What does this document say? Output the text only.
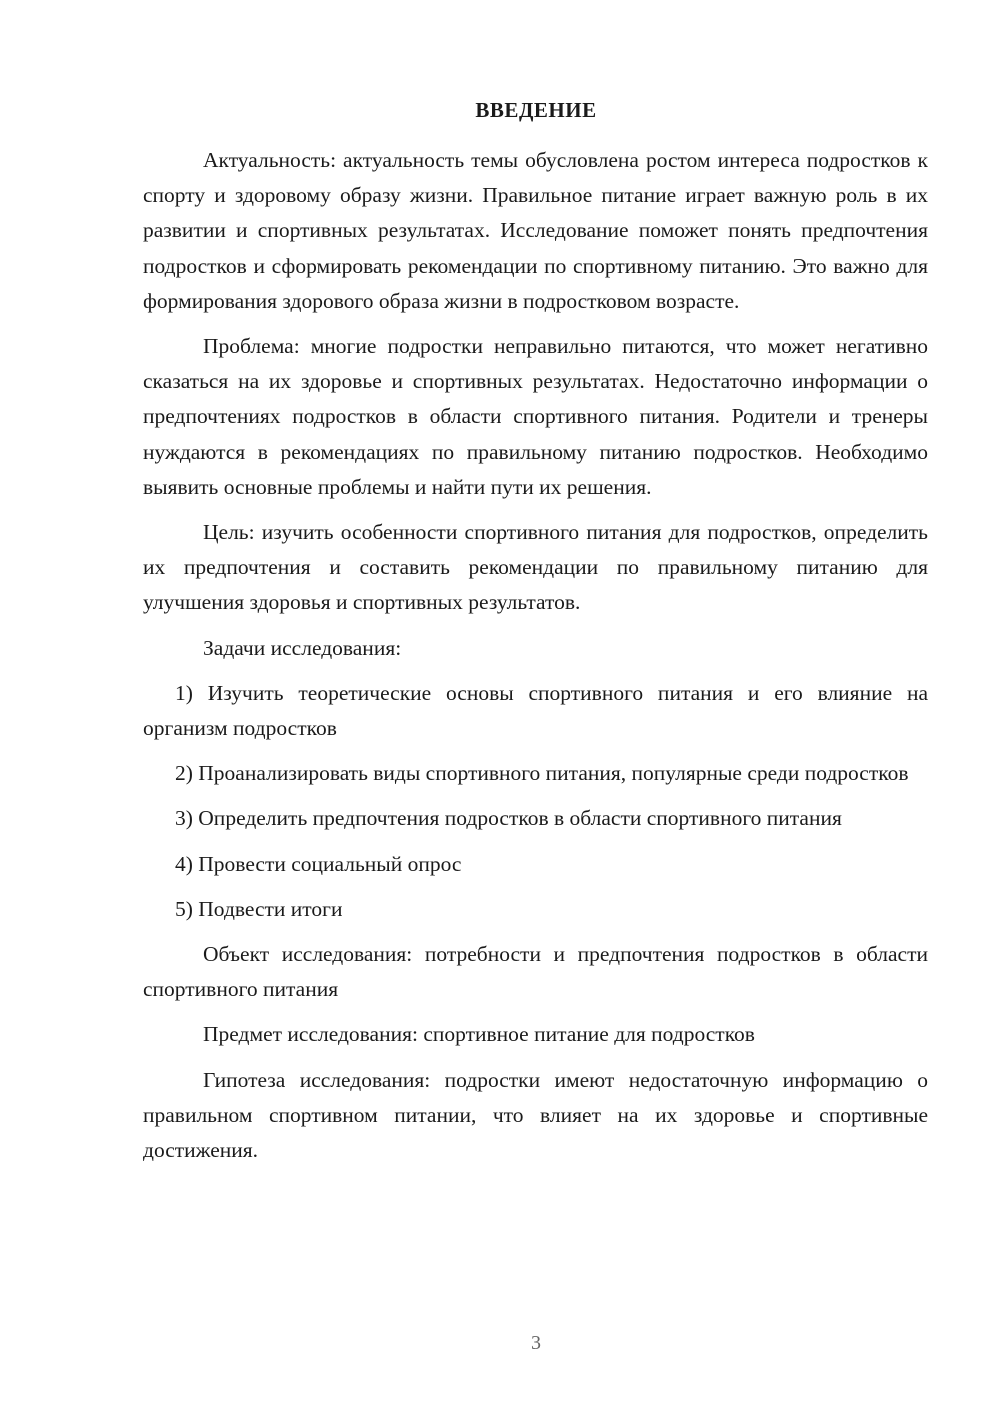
ВВЕДЕНИЕ

Актуальность: актуальность темы обусловлена ростом интереса подростков к спорту и здоровому образу жизни. Правильное питание играет важную роль в их развитии и спортивных результатах. Исследование поможет понять предпочтения подростков и сформировать рекомендации по спортивному питанию. Это важно для формирования здорового образа жизни в подростковом возрасте.

Проблема: многие подростки неправильно питаются, что может негативно сказаться на их здоровье и спортивных результатах. Недостаточно информации о предпочтениях подростков в области спортивного питания. Родители и тренеры нуждаются в рекомендациях по правильному питанию подростков. Необходимо выявить основные проблемы и найти пути их решения.

Цель: изучить особенности спортивного питания для подростков, определить их предпочтения и составить рекомендации по правильному питанию для улучшения здоровья и спортивных результатов.

Задачи исследования:

1) Изучить теоретические основы спортивного питания и его влияние на организм подростков

2) Проанализировать виды спортивного питания, популярные среди подростков

3) Определить предпочтения подростков в области спортивного питания

4) Провести социальный опрос

5) Подвести итоги

Объект исследования: потребности и предпочтения подростков в области спортивного питания

Предмет исследования: спортивное питание для подростков

Гипотеза исследования: подростки имеют недостаточную информацию о правильном спортивном питании, что влияет на их здоровье и спортивные достижения.

3
